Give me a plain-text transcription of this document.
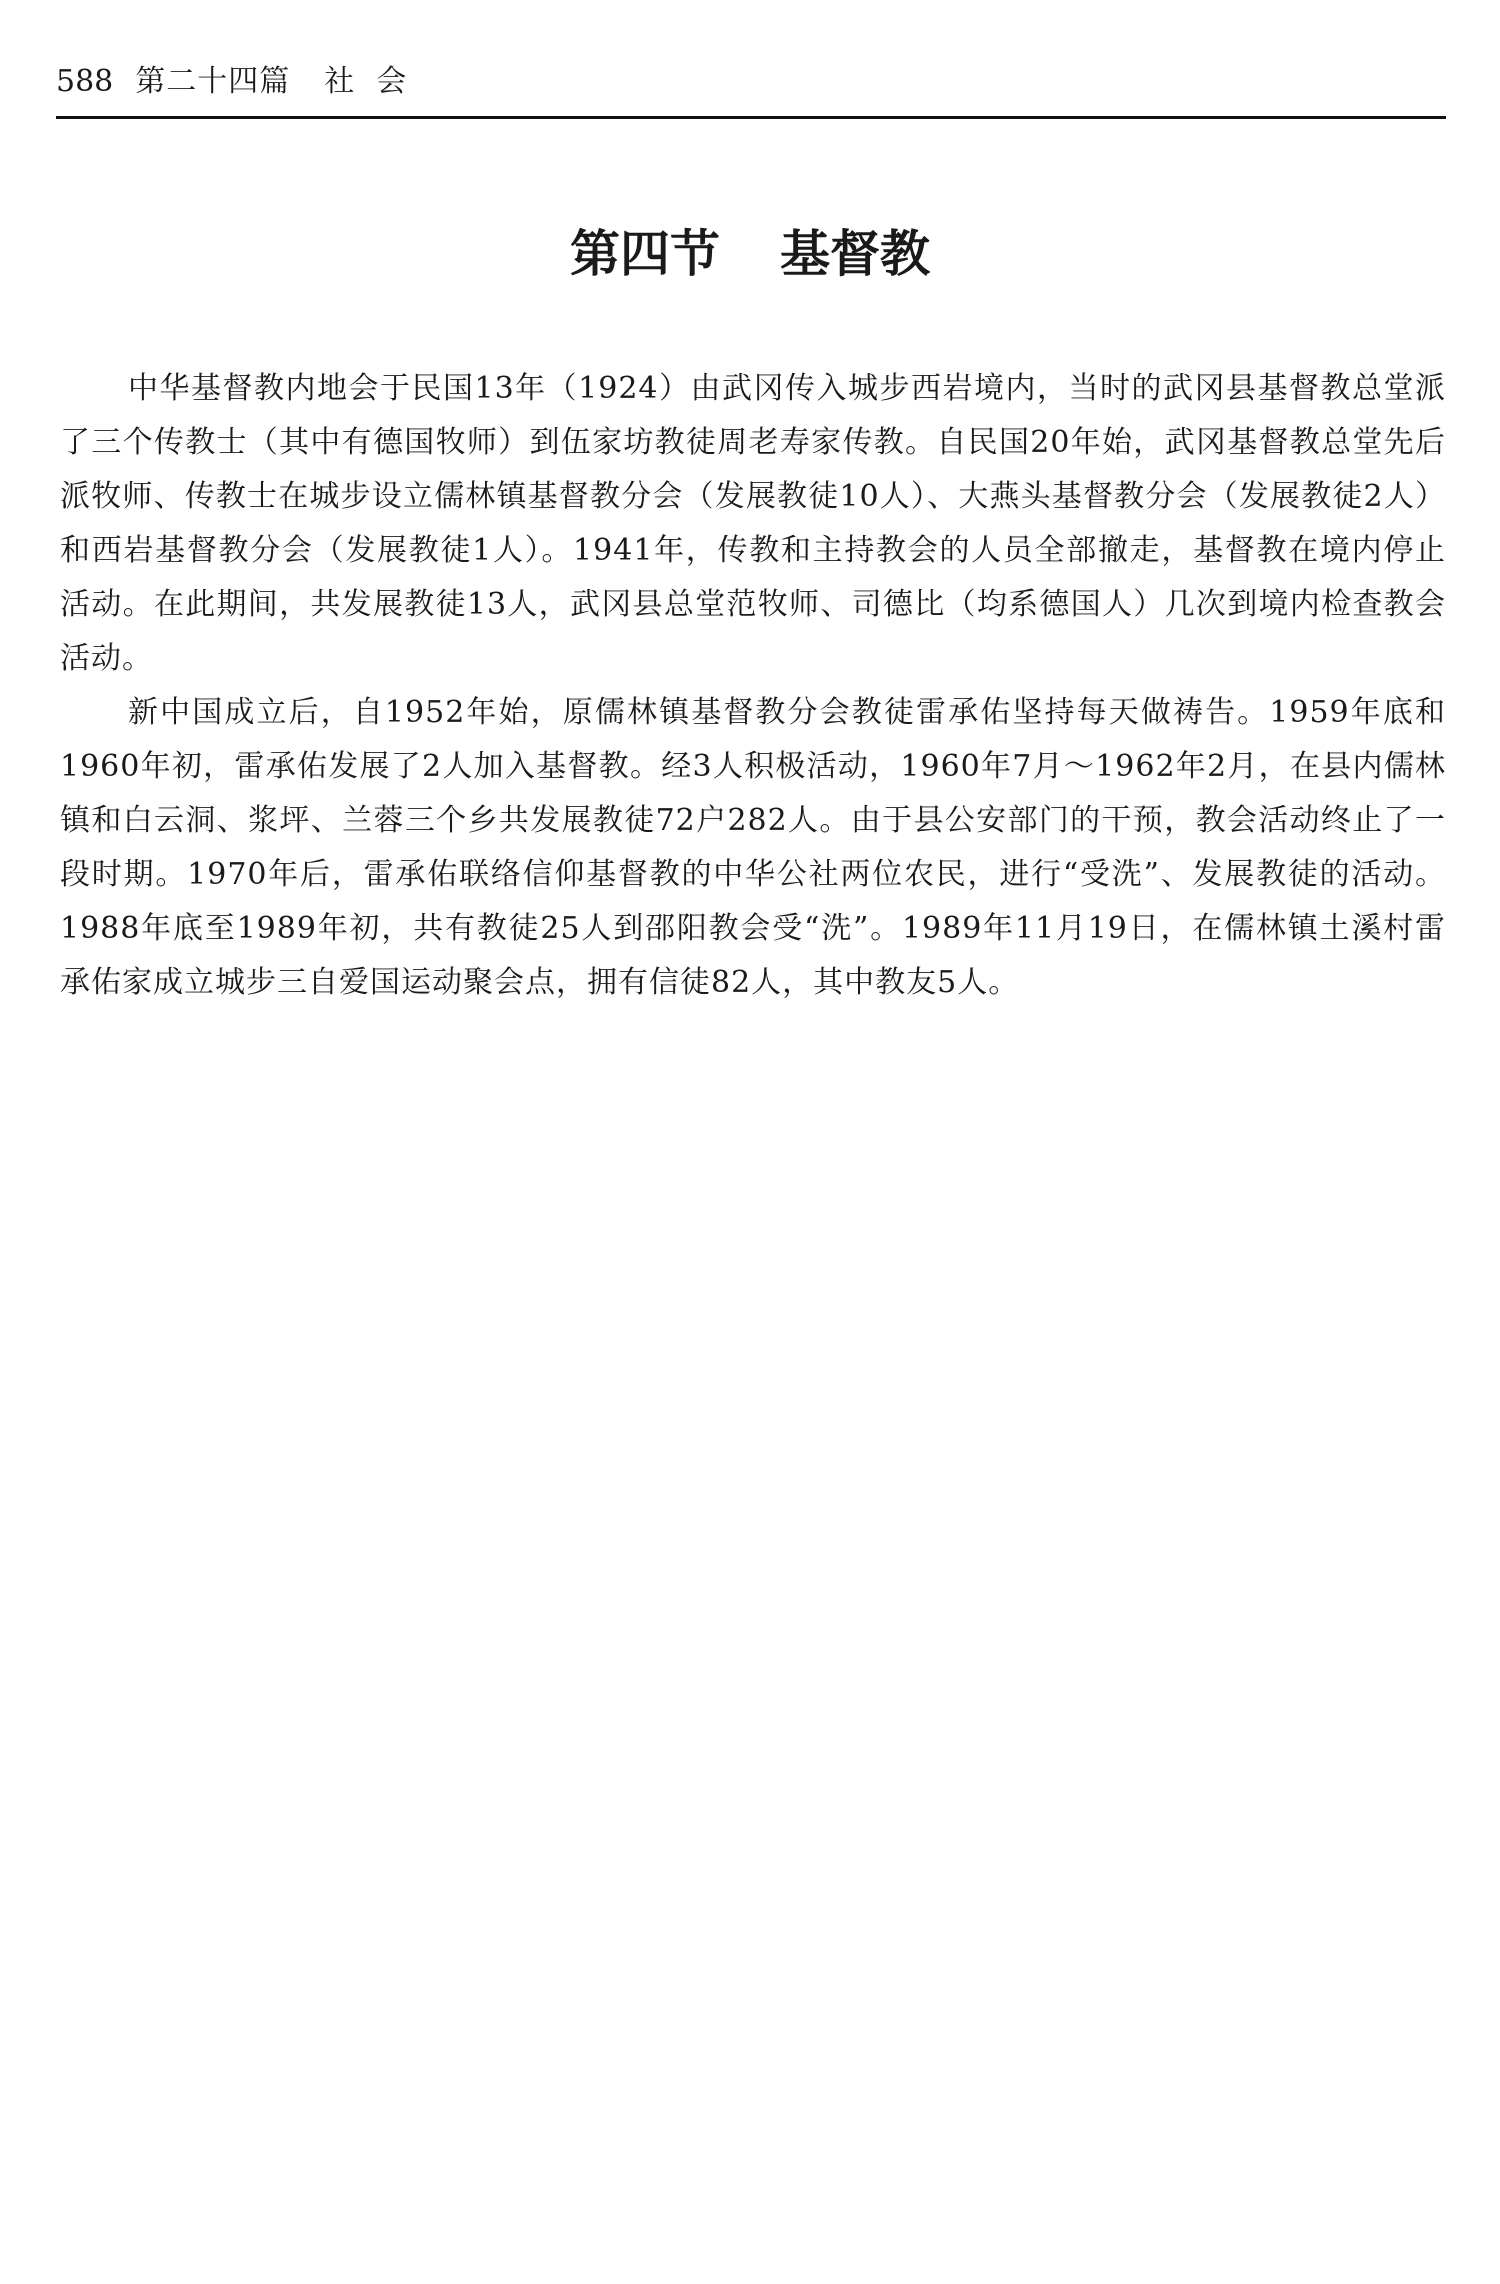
588 第二十四篇 社会
第四节 基督教

中华基督教内地会于民国13年（1924）由武冈传入城步西岩境内，当时的武冈县基督教总堂派了三个传教士（其中有德国牧师）到伍家坊教徒周老寿家传教。自民国20年始，武冈基督教总堂先后派牧师、传教士在城步设立儒林镇基督教分会（发展教徒10人）、大燕头基督教分会（发展教徒2人）和西岩基督教分会（发展教徒1人）。1941年，传教和主持教会的人员全部撤走，基督教在境内停止活动。在此期间，共发展教徒13人，武冈县总堂范牧师、司德比（均系德国人）几次到境内检查教会活动。

新中国成立后，自1952年始，原儒林镇基督教分会教徒雷承佑坚持每天做祷告。1959年底和1960年初，雷承佑发展了2人加入基督教。经3人积极活动，1960年7月～1962年2月，在县内儒林镇和白云洞、浆坪、兰蓉三个乡共发展教徒72户282人。由于县公安部门的干预，教会活动终止了一段时期。1970年后，雷承佑联络信仰基督教的中华公社两位农民，进行“受洗”、发展教徒的活动。1988年底至1989年初，共有教徒25人到邵阳教会受“洗”。1989年11月19日，在儒林镇土溪村雷承佑家成立城步三自爱国运动聚会点，拥有信徒82人，其中教友5人。
